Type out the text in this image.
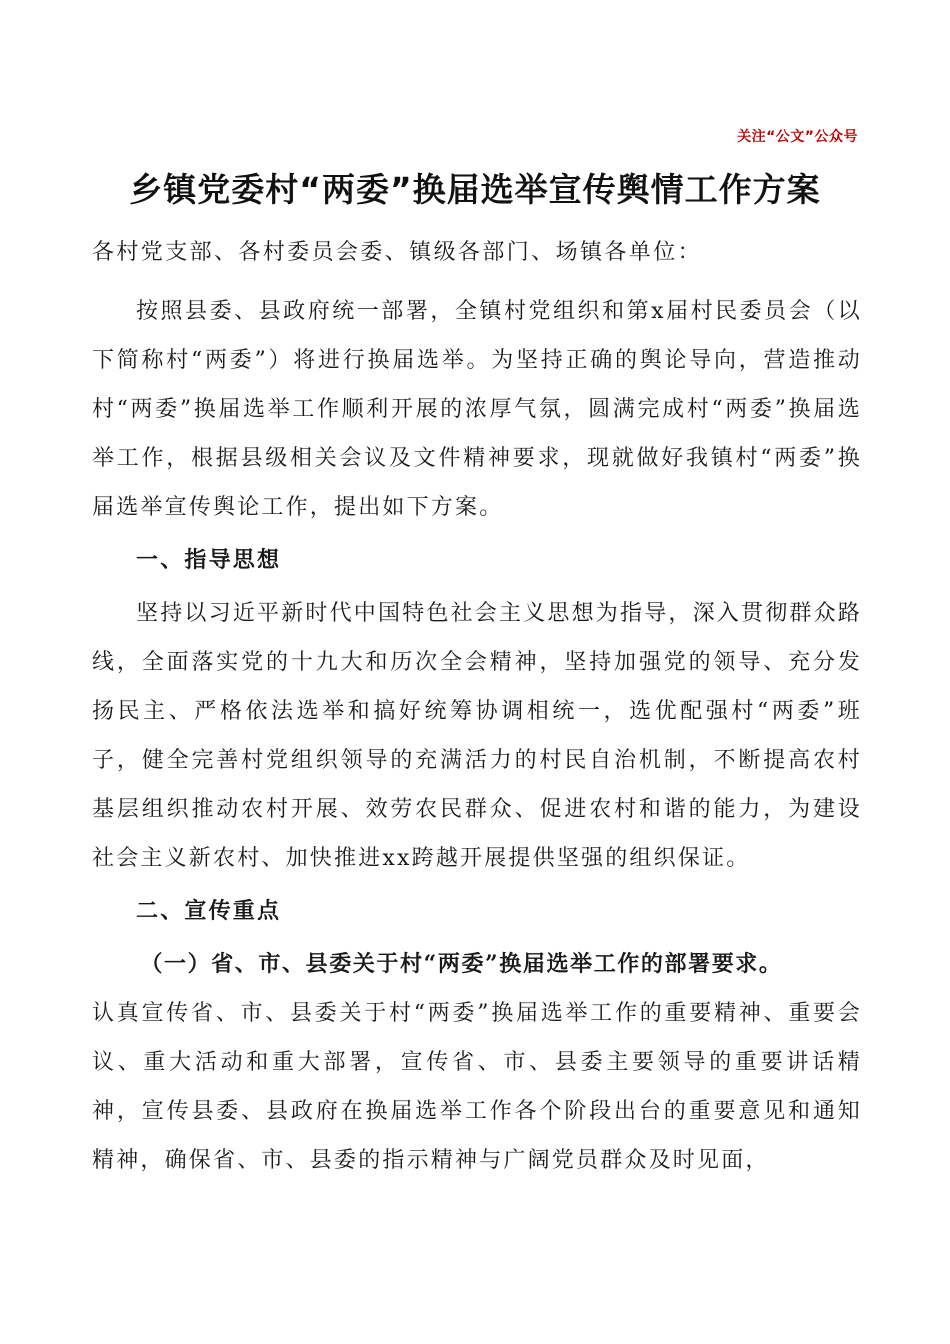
关注“公文”公众号
乡镇党委村“两委”换届选举宣传舆情工作方案

各村党支部、各村委员会委、镇级各部门、场镇各单位：

按照县委、县政府统一部署，全镇村党组织和第x届村民委员会（以下简称村“两委”）将进行换届选举。为坚持正确的舆论导向，营造推动村“两委”换届选举工作顺利开展的浓厚气氛，圆满完成村“两委”换届选举工作，根据县级相关会议及文件精神要求，现就做好我镇村“两委”换届选举宣传舆论工作，提出如下方案。

一、指导思想

坚持以习近平新时代中国特色社会主义思想为指导，深入贯彻群众路线，全面落实党的十九大和历次全会精神，坚持加强党的领导、充分发扬民主、严格依法选举和搞好统筹协调相统一，选优配强村“两委”班子，健全完善村党组织领导的充满活力的村民自治机制，不断提高农村基层组织推动农村开展、效劳农民群众、促进农村和谐的能力，为建设社会主义新农村、加快推进xx跨越开展提供坚强的组织保证。

二、宣传重点

（一）省、市、县委关于村“两委”换届选举工作的部署要求。

认真宣传省、市、县委关于村“两委”换届选举工作的重要精神、重要会议、重大活动和重大部署，宣传省、市、县委主要领导的重要讲话精神，宣传县委、县政府在换届选举工作各个阶段出台的重要意见和通知精神，确保省、市、县委的指示精神与广阔党员群众及时见面，
